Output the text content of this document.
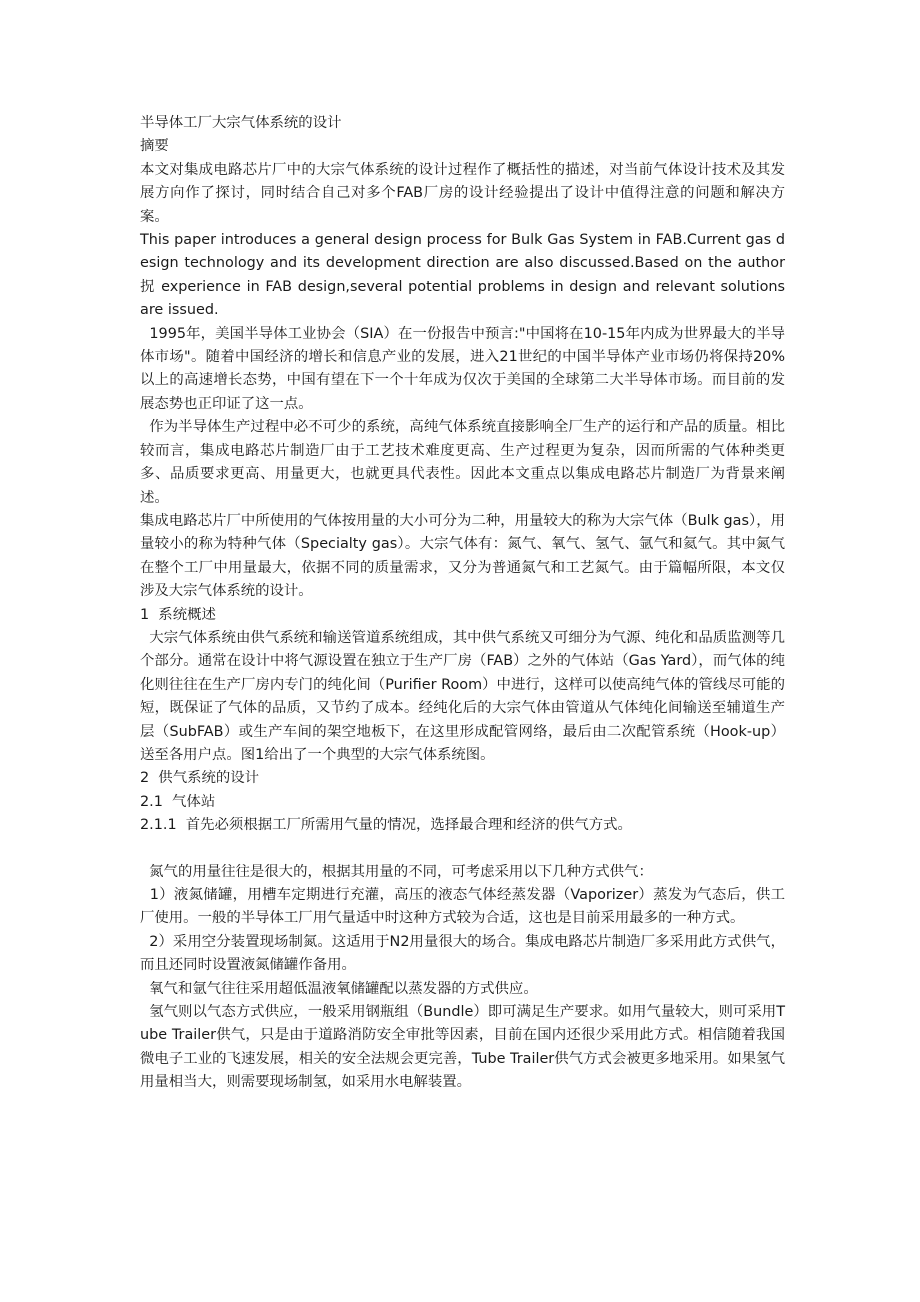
半导体工厂大宗气体系统的设计

摘要

本文对集成电路芯片厂中的大宗气体系统的设计过程作了概括性的描述，对当前气体设计技术及其发展方向作了探讨，同时结合自己对多个FAB厂房的设计经验提出了设计中值得注意的问题和解决方案。

This paper introduces a general design process for Bulk Gas System in FAB.Current gas design technology and its development direction are also discussed.Based on the author 拀 experience in FAB design,several potential problems in design and relevant solutions are issued.

1995年，美国半导体工业协会（SIA）在一份报告中预言:"中国将在10-15年内成为世界最大的半导体市场"。随着中国经济的增长和信息产业的发展，进入21世纪的中国半导体产业市场仍将保持20%以上的高速增长态势，中国有望在下一个十年成为仅次于美国的全球第二大半导体市场。而目前的发展态势也正印证了这一点。

作为半导体生产过程中必不可少的系统，高纯气体系统直接影响全厂生产的运行和产品的质量。相比较而言，集成电路芯片制造厂由于工艺技术难度更高、生产过程更为复杂，因而所需的气体种类更多、品质要求更高、用量更大，也就更具代表性。因此本文重点以集成电路芯片制造厂为背景来阐述。

集成电路芯片厂中所使用的气体按用量的大小可分为二种，用量较大的称为大宗气体（Bulk gas），用量较小的称为特种气体（Specialty gas）。大宗气体有：氮气、氧气、氢气、氩气和氦气。其中氮气在整个工厂中用量最大，依据不同的质量需求，又分为普通氮气和工艺氮气。由于篇幅所限，本文仅涉及大宗气体系统的设计。

1  系统概述

大宗气体系统由供气系统和输送管道系统组成，其中供气系统又可细分为气源、纯化和品质监测等几个部分。通常在设计中将气源设置在独立于生产厂房（FAB）之外的气体站（Gas Yard），而气体的纯化则往往在生产厂房内专门的纯化间（Purifier Room）中进行，这样可以使高纯气体的管线尽可能的短，既保证了气体的品质，又节约了成本。经纯化后的大宗气体由管道从气体纯化间输送至辅道生产层（SubFAB）或生产车间的架空地板下，在这里形成配管网络，最后由二次配管系统（Hook-up）送至各用户点。图1给出了一个典型的大宗气体系统图。

2  供气系统的设计

2.1  气体站

2.1.1  首先必须根据工厂所需用气量的情况，选择最合理和经济的供气方式。

氮气的用量往往是很大的，根据其用量的不同，可考虑采用以下几种方式供气：

1）液氮储罐，用槽车定期进行充灌，高压的液态气体经蒸发器（Vaporizer）蒸发为气态后，供工厂使用。一般的半导体工厂用气量适中时这种方式较为合适，这也是目前采用最多的一种方式。

2）采用空分装置现场制氮。这适用于N2用量很大的场合。集成电路芯片制造厂多采用此方式供气，而且还同时设置液氮储罐作备用。

氧气和氩气往往采用超低温液氧储罐配以蒸发器的方式供应。

氢气则以气态方式供应，一般采用钢瓶组（Bundle）即可满足生产要求。如用气量较大，则可采用Tube Trailer供气，只是由于道路消防安全审批等因素，目前在国内还很少采用此方式。相信随着我国微电子工业的飞速发展，相关的安全法规会更完善，Tube Trailer供气方式会被更多地采用。如果氢气用量相当大，则需要现场制氢，如采用水电解装置。
